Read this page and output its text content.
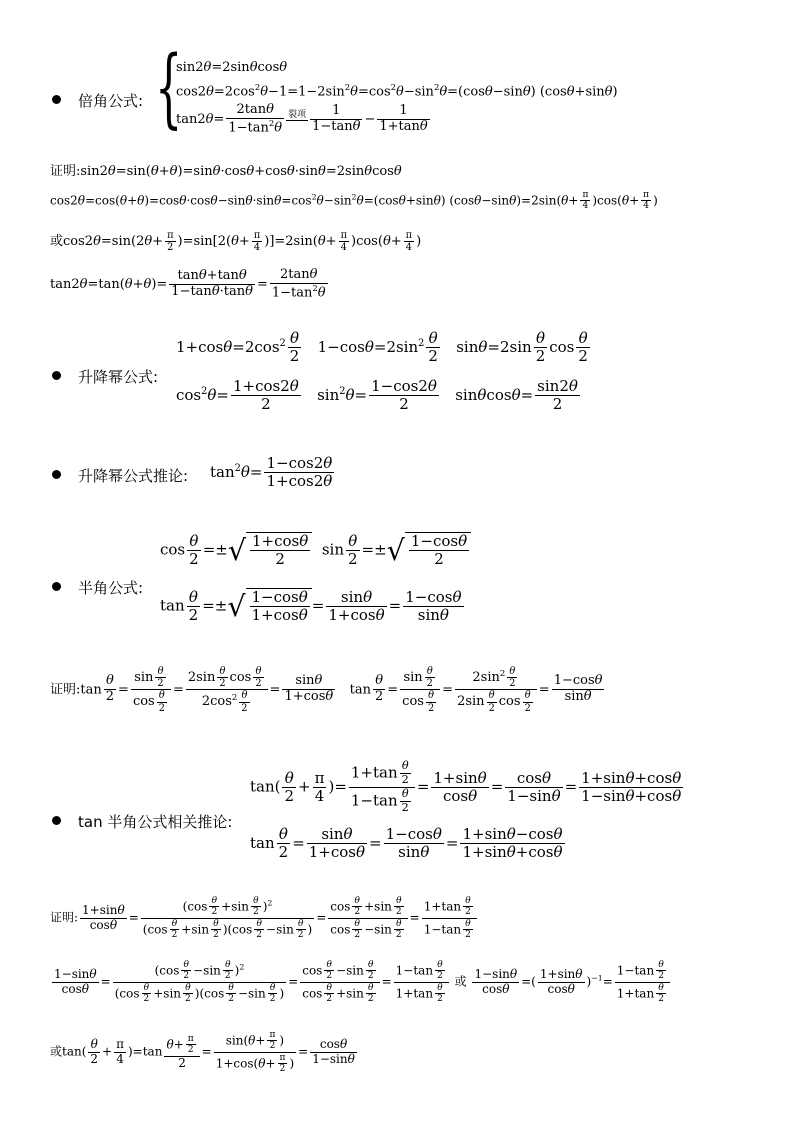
倍角公式: {
sin2θ=2sinθcosθ
$\cos 2\theta=2\cos^2\theta-1=1-2\sin^2\theta=\cos^2\theta-\sin^2\theta=(\cos\theta-\sin\theta)$ (cosθ+sinθ)
$\tan 2\theta= \frac{2\tan\theta}{1-\tan^2\theta}$ 裂项 $\frac{1}{1-\tan\theta} - \frac{1}{1+\tan\theta}$
证明:sin2θ=sin(θ+θ)=sinθ·cosθ+cosθ·sinθ=2sinθcosθ
$\cos 2\theta=\cos(\theta+\theta)=\cos\theta\cdot\cos\theta-\sin\theta\cdot\sin\theta=\cos^2\theta-\sin^2\theta=(\cos\theta+\sin\theta)$ $(\cos\theta-\sin\theta)=2\sin(\theta+ \frac{\pi}{4} )\cos(\theta+ \frac{\pi}{4}$ )
或$\cos 2\theta=\sin(2\theta+ \frac{\pi}{2} )=\sin[2(\theta+ \frac{\pi}{4} )]=2\sin(\theta+ \frac{\pi}{4} )\cos(\theta+ \frac{\pi}{4}$ )
$\tan 2\theta=\tan(\theta+\theta)= \frac{\tan\theta+\tan\theta}{1-\tan\theta\cdot\tan\theta} = \frac{2\tan\theta}{1-\tan^2\theta}$
升降幂公式:
$1+\cos\theta=2\cos^2 \frac{\theta}{2} 1-\cos\theta=2\sin^2 \frac{\theta}{2} \sin\theta=2\sin \frac{\theta}{2}$ $\cos \frac{\theta}{2}$
$\cos^2\theta= \frac{1+\cos 2\theta}{2} \sin^2\theta= \frac{1-\cos 2\theta}{2} \sin\theta\cos\theta= \frac{\sin 2\theta}{2}$
升降幂公式推论: $\tan^2\theta= \frac{1-\cos 2\theta}{1+\cos 2\theta}$
半角公式:
$\cos \frac{\theta}{2}$ =±√ $\frac{1+\cos\theta}{2}$ $\sin \frac{\theta}{2}$ =±√ $\frac{1-\cos\theta}{2}$
$\tan \frac{\theta}{2}$ =±√ $\frac{1-\cos\theta}{1+\cos\theta} = \frac{\sin\theta}{1+\cos\theta} = \frac{1-\cos\theta}{\sin\theta}$
证明:tan $\frac{\theta}{2} = \frac{\sin \frac{\theta}{2}}{\cos \frac{\theta}{2}} = \frac{2\sin \frac{\theta}{2} \cos \frac{\theta}{2}}{2\cos^2 \frac{\theta}{2}} = \frac{\sin\theta}{1+\cos\theta}$ $\tan \frac{\theta}{2} = \frac{\sin \frac{\theta}{2}}{\cos \frac{\theta}{2}} = \frac{2\sin^2 \frac{\theta}{2}}{2\sin \frac{\theta}{2} \cos \frac{\theta}{2}} = \frac{1-\cos\theta}{\sin\theta}$
tan 半角公式相关推论:
$\tan( \frac{\theta}{2} + \frac{\pi}{4}$ )= $\frac{1+\tan \frac{\theta}{2}}{1-\tan \frac{\theta}{2}} = \frac{1+\sin\theta}{\cos\theta} = \frac{\cos\theta}{1-\sin\theta} = \frac{1+\sin\theta+\cos\theta}{1-\sin\theta+\cos\theta}$
$\tan \frac{\theta}{2} = \frac{\sin\theta}{1+\cos\theta} = \frac{1-\cos\theta}{\sin\theta} = \frac{1+\sin\theta-\cos\theta}{1+\sin\theta+\cos\theta}$
证明: $\frac{1+\sin\theta}{\cos\theta} = \frac{(\cos \frac{\theta}{2} +\sin \frac{\theta}{2} )^2}{(\cos \frac{\theta}{2} +\sin \frac{\theta}{2} )(\cos \frac{\theta}{2} -\sin \frac{\theta}{2} )} = \frac{\cos \frac{\theta}{2} +\sin \frac{\theta}{2}}{\cos \frac{\theta}{2} -\sin \frac{\theta}{2}} = \frac{1+\tan \frac{\theta}{2}}{1-\tan \frac{\theta}{2}}$
$\frac{1-\sin\theta}{\cos\theta} = \frac{(\cos \frac{\theta}{2} -\sin \frac{\theta}{2} )^2}{(\cos \frac{\theta}{2} +\sin \frac{\theta}{2} )(\cos \frac{\theta}{2} -\sin \frac{\theta}{2} )} = \frac{\cos \frac{\theta}{2} -\sin \frac{\theta}{2}}{\cos \frac{\theta}{2} +\sin \frac{\theta}{2}} = \frac{1-\tan \frac{\theta}{2}}{1+\tan \frac{\theta}{2}}$ 或 $\frac{1-\sin\theta}{\cos\theta}$ =( $\frac{1+\sin\theta}{\cos\theta} )^{-1}= \frac{1-\tan \frac{\theta}{2}}{1+\tan \frac{\theta}{2}}$
或$\tan( \frac{\theta}{2} + \frac{\pi}{4} )=\tan \frac{\theta+ \frac{\pi}{2}}{2} = \frac{\sin(\theta+ \frac{\pi}{2} )}{1+\cos(\theta+ \frac{\pi}{2} )} = \frac{\cos\theta}{1-\sin\theta}$
